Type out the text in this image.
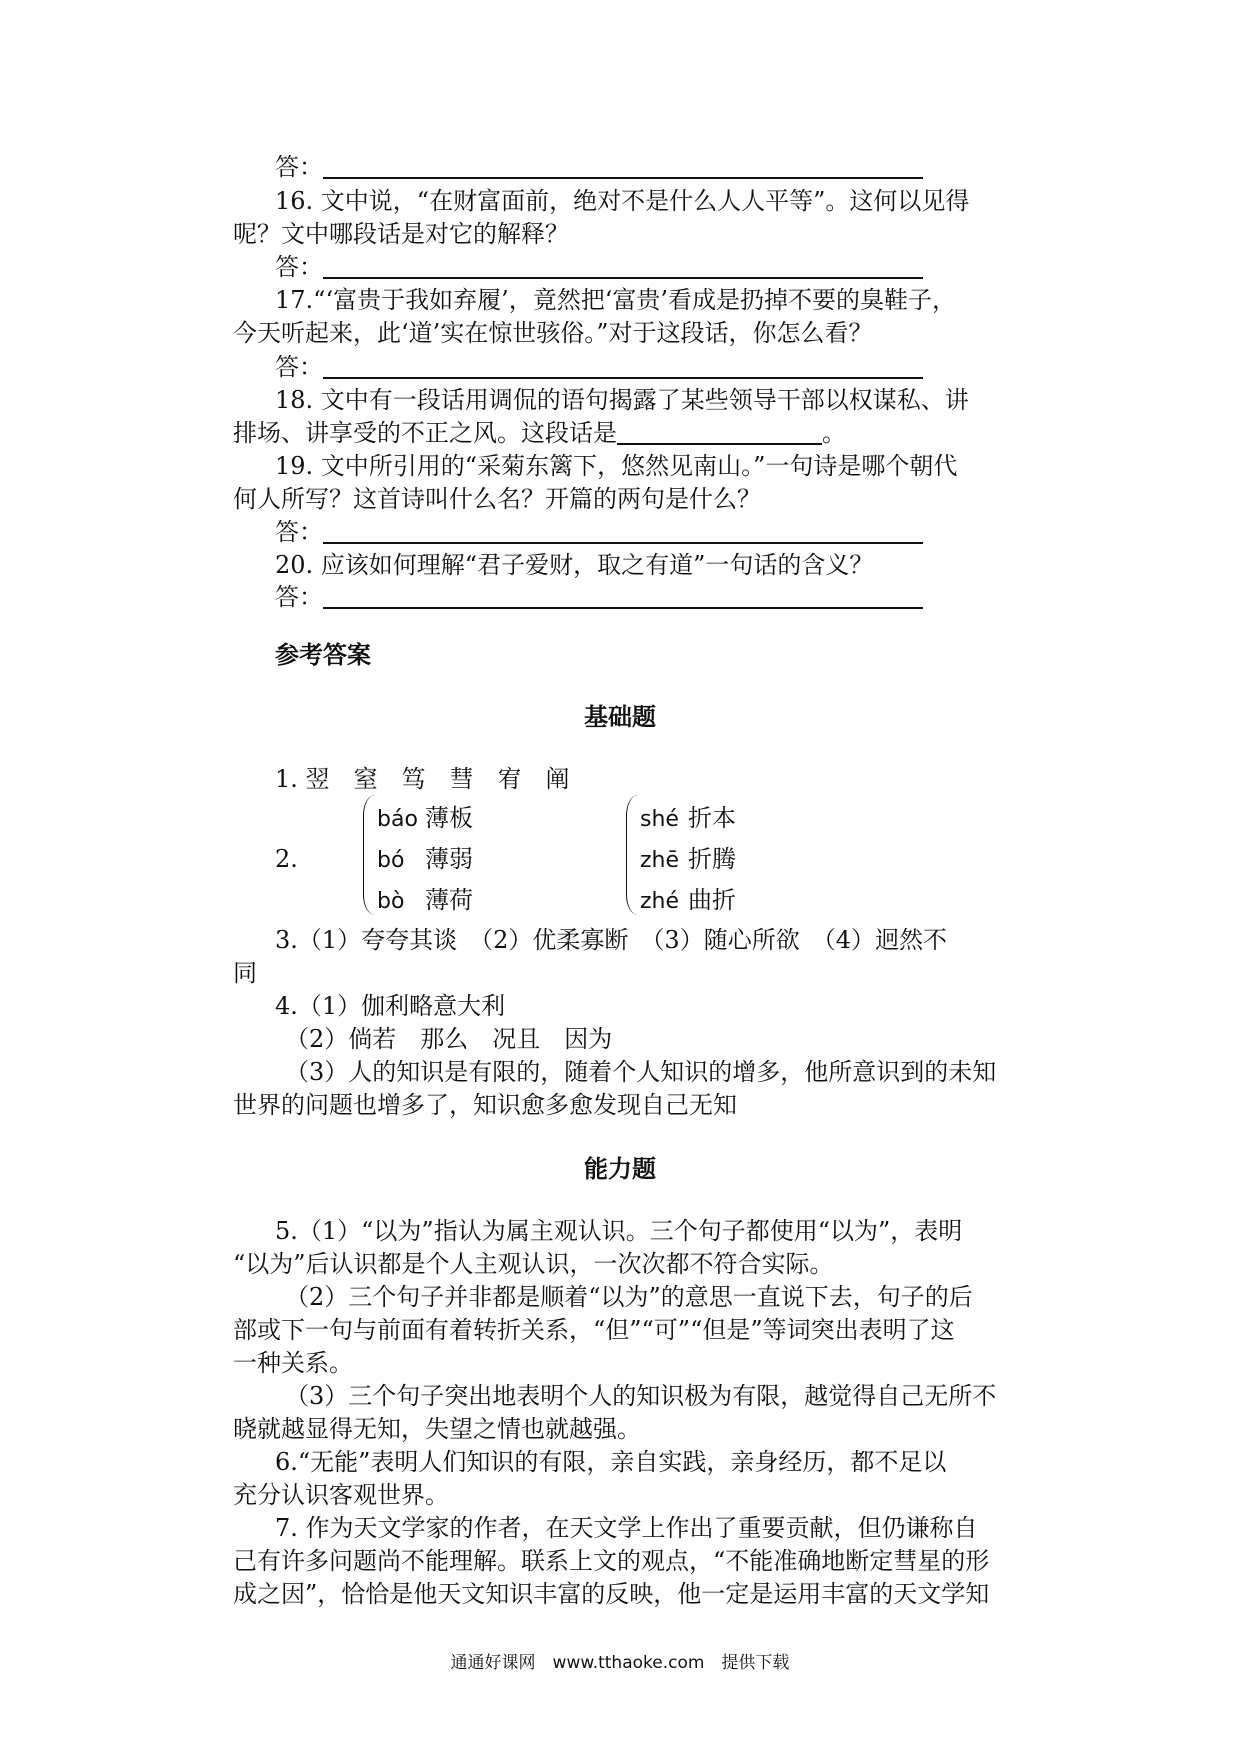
答：
16. 文中说，“在财富面前，绝对不是什么人人平等”。这何以见得
呢？文中哪段话是对它的解释？
答：
17.“‘富贵于我如弃履’，竟然把‘富贵’看成是扔掉不要的臭鞋子，
今天听起来，此‘道’实在惊世骇俗。”对于这段话，你怎么看？
答：
18. 文中有一段话用调侃的语句揭露了某些领导干部以权谋私、讲
排场、讲享受的不正之风。这段话是	。
19. 文中所引用的“采菊东篱下，悠然见南山。”一句诗是哪个朝代
何人所写？这首诗叫什么名？开篇的两句是什么？
答：
20. 应该如何理解“君子爱财，取之有道”一句话的含义？
答：
参考答案
基础题
1. 翌　窒　笃　彗　宥　阐
2.
báo 薄板
bó 薄弱
bò 薄荷
shé 折本
zhē 折腾
zhé 曲折
3.（1）夸夸其谈　（2）优柔寡断　（3）随心所欲　（4）迥然不
同
4.（1）伽利略意大利
（2）倘若　那么　况且　因为
（3）人的知识是有限的，随着个人知识的增多，他所意识到的未知
世界的问题也增多了，知识愈多愈发现自己无知
能力题
5.（1）“以为”指认为属主观认识。三个句子都使用“以为”，表明
“以为”后认识都是个人主观认识，一次次都不符合实际。
（2）三个句子并非都是顺着“以为”的意思一直说下去，句子的后
部或下一句与前面有着转折关系，“但”“可”“但是”等词突出表明了这
一种关系。
（3）三个句子突出地表明个人的知识极为有限，越觉得自己无所不
晓就越显得无知，失望之情也就越强。
6.“无能”表明人们知识的有限，亲自实践，亲身经历，都不足以
充分认识客观世界。
7. 作为天文学家的作者，在天文学上作出了重要贡献，但仍谦称自
己有许多问题尚不能理解。联系上文的观点，“不能准确地断定彗星的形
成之因”，恰恰是他天文知识丰富的反映，他一定是运用丰富的天文学知
通通好课网　www.tthaoke.com　提供下载
